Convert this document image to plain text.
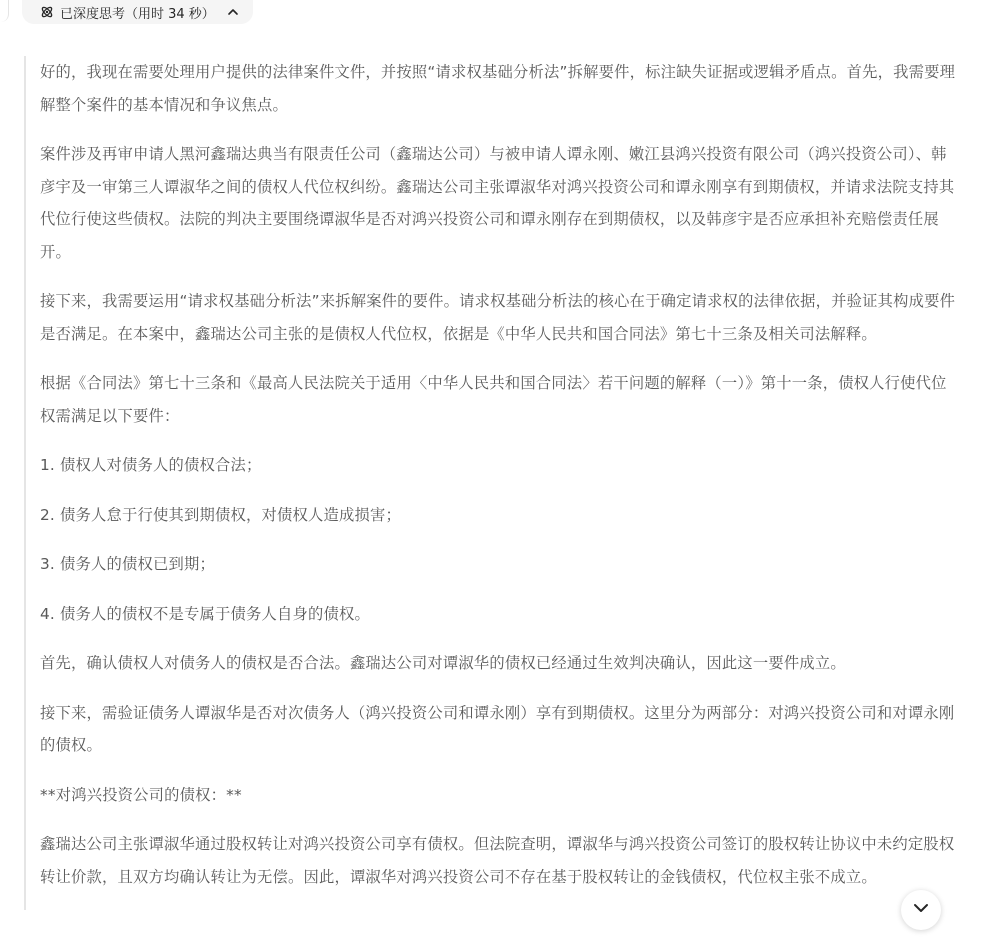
已深度思考（用时 34 秒）

好的，我现在需要处理用户提供的法律案件文件，并按照“请求权基础分析法”拆解要件，标注缺失证据或逻辑矛盾点。首先，我需要理解整个案件的基本情况和争议焦点。

案件涉及再审申请人黑河鑫瑞达典当有限责任公司（鑫瑞达公司）与被申请人谭永刚、嫩江县鸿兴投资有限公司（鸿兴投资公司）、韩彦宇及一审第三人谭淑华之间的债权人代位权纠纷。鑫瑞达公司主张谭淑华对鸿兴投资公司和谭永刚享有到期债权，并请求法院支持其代位行使这些债权。法院的判决主要围绕谭淑华是否对鸿兴投资公司和谭永刚存在到期债权，以及韩彦宇是否应承担补充赔偿责任展开。

接下来，我需要运用“请求权基础分析法”来拆解案件的要件。请求权基础分析法的核心在于确定请求权的法律依据，并验证其构成要件是否满足。在本案中，鑫瑞达公司主张的是债权人代位权，依据是《中华人民共和国合同法》第七十三条及相关司法解释。

根据《合同法》第七十三条和《最高人民法院关于适用〈中华人民共和国合同法〉若干问题的解释（一）》第十一条，债权人行使代位权需满足以下要件：

1. 债权人对债务人的债权合法；

2. 债务人怠于行使其到期债权，对债权人造成损害；

3. 债务人的债权已到期；

4. 债务人的债权不是专属于债务人自身的债权。

首先，确认债权人对债务人的债权是否合法。鑫瑞达公司对谭淑华的债权已经通过生效判决确认，因此这一要件成立。

接下来，需验证债务人谭淑华是否对次债务人（鸿兴投资公司和谭永刚）享有到期债权。这里分为两部分：对鸿兴投资公司和对谭永刚的债权。

**对鸿兴投资公司的债权：**

鑫瑞达公司主张谭淑华通过股权转让对鸿兴投资公司享有债权。但法院查明，谭淑华与鸿兴投资公司签订的股权转让协议中未约定股权转让价款，且双方均确认转让为无偿。因此，谭淑华对鸿兴投资公司不存在基于股权转让的金钱债权，代位权主张不成立。
